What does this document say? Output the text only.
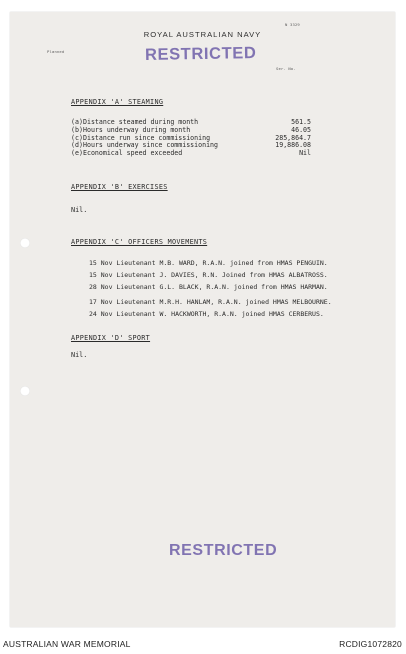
N 3329
Planned
Ser. No.
ROYAL AUSTRALIAN NAVY
RESTRICTED
APPENDIX 'A' STEAMING
(a) Distance steamed during month	561.5
(b) Hours underway during month	46.05
(c) Distance run since commissioning	285,864.7
(d) Hours underway since commissioning	19,886.08
(e) Economical speed exceeded	Nil
APPENDIX 'B' EXERCISES
Nil.
APPENDIX 'C' OFFICERS MOVEMENTS
15 Nov Lieutenant M.B. WARD, R.A.N. joined from HMAS PENGUIN.
15 Nov Lieutenant J. DAVIES, R.N. Joined from HMAS ALBATROSS.
28 Nov Lieutenant G.L. BLACK, R.A.N. joined from HMAS HARMAN.
17 Nov Lieutenant M.R.H. HANLAM, R.A.N. joined HMAS MELBOURNE.
24 Nov Lieutenant W. HACKWORTH, R.A.N. joined HMAS CERBERUS.
APPENDIX 'D' SPORT
Nil.
RESTRICTED
AUSTRALIAN WAR MEMORIAL	RCDIG1072820
